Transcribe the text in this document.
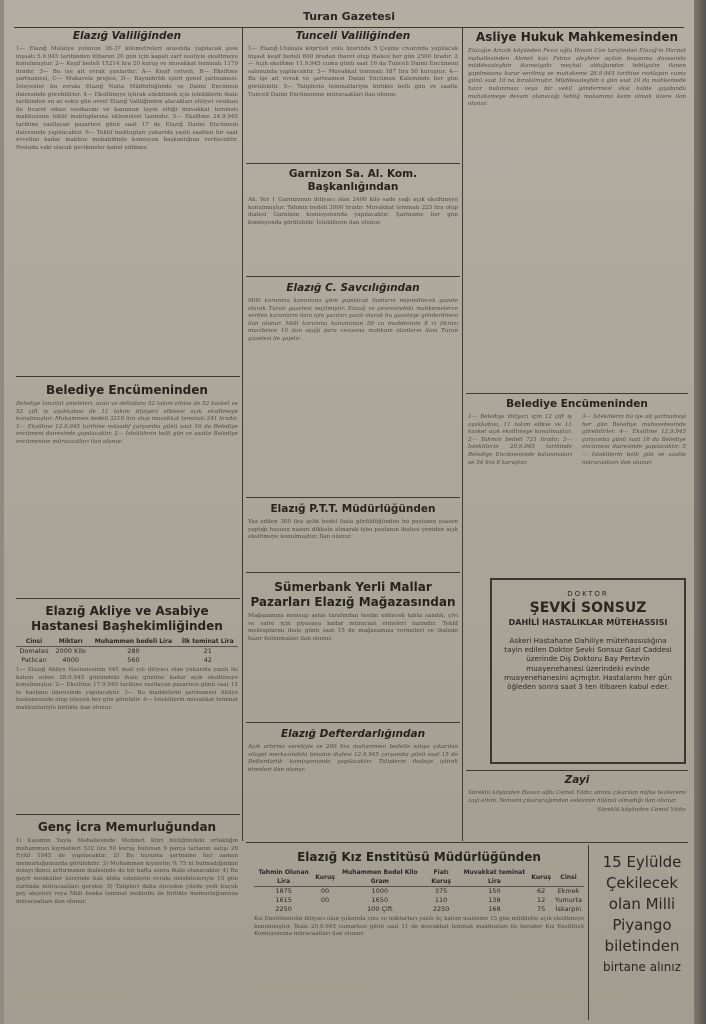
Turan Gazetesi
Elazığ Valiliğinden

1— Elazığ Malatya yolunun 36-37 kilometreleri arasında yapılacak şose inşaatı 5.9.945 tarihinden itibaren 20 gün için kapalı zarf usuliyle eksiltmeye konulmuştur. 2— Keşif bedeli 15214 lira 20 kuruş ve muvakkat teminatı 1179 liradır. 3— Bu işe ait evrak şunlardır: A— Keşif cetveli, B— Eksiltme şartnamesi, C— Mukavele projesi, D— Bayındırlık işleri genel şartnamesi. İsteyenler bu evrakı Elazığ Nafıa Müdürlüğünde ve Daimi Encümen dairesinde görebilirler. 4— Eksiltmeye iştirak edebilmek için isteklilerin ihale tarihinden en az sekiz gün evvel Elazığ Valiliğinden alacakları ehliyet vesikası ile ticaret odası vesikasını ve kanunun tayin ettiği muvakkat teminatı makbuzunu teklif mektuplarına eklemeleri lazımdır. 5— Eksiltme 24.9.945 tarihine rastlayan pazartesi günü saat 17 de Elazığ Daimi Encümeni dairesinde yapılacaktır. 6— Teklif mektupları yukarıda yazılı saatten bir saat evveline kadar makbuz mukabilinde komisyon başkanlığına verilecektir. Postada vaki olacak gecikmeler kabul edilmez.

Belediye Encümeninden

Belediye tanzifat ameleleri, ozan ve dellallara 52 takım elbise ile 52 kasket ve 52 çift iş ayakkabısı ile 11 takım itfaiyeci elbisesi açık eksiltmeye konulmuştur. Muhammen bedeli 3210 lira olup muvakkat teminatı 241 liradır. 1— Eksiltme 12.9.945 tarihine müsadif çarşamba günü saat 16 da Belediye encümeni dairesinde yapılacaktır. 2— İsteklilerin belli gün ve saatte Belediye encümenine müracaatları ilan olunur.

Elazığ Akliye ve Asabiye Hastanesi Başhekimliğinden
Cinsi	Miktarı	Muhammen bedeli Lira	İlk teminat Lira
Domates	2000 Kilo	280	21
Patlıcan	4000	560	42

1— Elazığ Akliye Hastanesinin 945 mali yılı ihtiyacı olan yukarıda yazılı iki kalem sebze 28.9.945 günündeki ihale gününe kadar açık eksiltmeye konulmuştur. 2— Eksiltme 17.9.945 tarihine rastlayan pazartesi günü saat 15 te hastane idaresinde yapılacaktır. 3— Bu maddelerin şartnamesi Akliye hastanesinde olup isteyen her gün görebilir. 4— İsteklilerin muvakkat teminat makbuzlariyle birlikte ilan olunur.

Genç İcra Memurluğundan

1) Kasımın Yayla Mahallesinde Mehmet Kürt bölüğündeki ortaklığın muhammen kıymetleri 532 lira 50 kuruş bulunan 9 parça tarlanın satışı 29 Eylül 1945 de yapılacaktır. 2) Bu hususta şartname her zaman memurluğumuzda görülebilir. 3) Muhammen kıymetin % 75 ni bulmadığından dolayı ikinci arttırmanın ihalesinde de bir hafta sonra ihale olunacaktır. 4) Bu gayri menkuller üzerinde hak iddia edenlerin evrakı müsbiteleriyle 15 gün zarfında müracaatları gerekir. 5) Talipleri daha önceden yüzde yedi buçuk pey akçeleri veya Milli banka teminat mektubu ile birlikte memurluğumuza müracaatları ilan olunur.

Tunceli Valiliğinden

1— Elazığ-Ulukışla köprüsü yolu üzerinde 5 Çeşme civarında yapılacak inşaat keşif bedeli 600 liradan ibaret olup ihalesi her gün 2500 liradır. 2— Açık eksiltme 11.9.945 cuma günü saat 16 da Tunceli Daimi Encümeni salonunda yapılacaktır. 3— Muvakkat teminatı 187 lira 50 kuruştur. 4— Bu işe ait evrak ve şartnamesi Daimi Encümen Kaleminde her gün görülebilir. 5— Taliplerin teminatlariyle birlikte belli gün ve saatte Tunceli Daimi Encümenine müracaatları ilan olunur.

Garnizon Sa. Al. Kom. Başkanlığından

Ak. Yer 1 Garnizonun ihtiyacı olan 2400 kilo sade yağı açık eksiltmeye konulmuştur. Tahmin bedeli 3000 liradır. Muvakkat teminatı 225 lira olup ihalesi Garnizon komisyonunda yapılacaktır. Şartname her gün komisyonda görülebilir. İsteklilerin ilan olunur.

Elazığ C. Savcılığından

Milli korunma kanununa göre yapılacak ilanların neşredilecek gazete olarak Turan gazetesi seçilmiştir. Elazığ ve çevresindeki mahkemelerce verilen kararların ilanı için yazıları yazılı olarak bu gazeteye gönderilmesi ilan olunur. Milli korunma kanununun 59 cu maddesinin 8 ci fıkrası mucibince 10 dan aşağı para cezasına mahkum olanların ilanı Turan gazetesi ile yapılır.

Elazığ P.T.T. Müdürlüğünden

Vaz edilen 300 lira aylık bedel fazla görüldüğünden bu postanın esasen yaptığı hususu nazarı dikkate alınarak işbu postanın ihalesi yeniden açık eksiltmeye konulmuştur. İlan olunur.

Sümerbank Yerli Mallar Pazarları Elazığ Mağazasından

Mağazamıza mensup şahıs tarafından teslim edilecek tahta sandık, çivi ve saire için piyasaya kadar müracaat etmeleri lazımdır. Teklif mektuplarını ihale günü saat 15 de mağazamıza vermeleri ve ihalede hazır bulunmaları ilan olunur.

Elazığ Defterdarlığından

Açık artırma suretiyle ve 200 lira muhammen bedelle satışa çıkarılan vilayet merkezindeki binanın ihalesi 12.9.945 çarşamba günü saat 15 de Defterdarlık komisyonunda yapılacaktır. Taliplerin ihaleye iştirak etmeleri ilan olunur.

Asliye Hukuk Mahkemesinden

Elazığın Aruzik köyünden Fevzi oğlu Hasan Can tarafından Elazığ'ın Harput mahallesinden Ahmet kızı Fatma aleyhine açılan boşanma davasında müddeaaleyhin ikametgahı meçhul olduğundan tebligatın ilanen yapılmasına karar verilmiş ve muhakeme 28.9.945 tarihine rastlayan cuma günü saat 10 na bırakılmıştır. Müddeaaleyhin o gün saat 10 da mahkemede hazır bulunması veya bir vekil göndermesi aksi halde gıyabında muhakemeye devam olunacağı tebliğ makamına kaim olmak üzere ilan olunur.

Belediye Encümeninden

1— Belediye ihtiyacı için 12 çift iş ayakkabısı, 11 takım elbise ve 11 kasket açık eksiltmeye konulmuştur. 2— Tahmin bedeli 721 liradır. 3— İsteklilerin 29.9.945 tarihinde Belediye Encümeninde bulunmaları ve 54 lira 8 kuruştur.

3— İsteklilerin bu işe ait şartnameyi her gün Belediye muhasebesinde görebilirler. 4— Eksiltme 12.9.945 çarşamba günü saat 16 da Belediye encümeni dairesinde yapılacaktır. 5— İsteklilerin belli gün ve saatte müracaatları ilan olunur.

DOKTOR
ŞEVKİ SONSUZ
DAHİLİ HASTALIKLAR MÜTEHASSISI
Askeri Hastahane Dahiliye mütehassıslığına tayin edilen Doktor Şevki Sonsuz Gazi Caddesi üzerinde Diş Doktoru Bay Pertevin muayenehanesi üzerindeki evinde muayenehanesini açmıştır. Hastalarını her gün öğleden sonra saat 3 ten itibaren kabul eder.
Zayi

Süreklü köyünden Hasan oğlu Cemal Yıldız adıma çıkarılan nüfus tezkeremi zayi ettim. Yenisini çıkaracağımdan eskisinin hükmü olmadığı ilan olunur.

Süreklü köyünden Cemal Yıldız
Elazığ Kız Enstitüsü Müdürlüğünden
Tahmin Olunan Lira	Kuruş	Muhammen Bedel Kilo Gram	Fiatı Kuruş	Muvakkat teminat Lira	Kuruş	Cinsi
1875	00	1000	375	150	62	Ekmek
1615	00	1650	110	138	12	Yumurta
2250		100 Çift	2250	168	75	İskarpin

Kız Enstitüsünün ihtiyacı olan yukarıda cins ve miktarları yazılı üç kalem malzeme 15 gün müddetle açık eksiltmeye konulmuştur. İhale 29.9.945 cumartesi günü saat 11 de muvakkat teminat makbuzları ile beraber Kız Enstitüsü Komisyonuna müracaatları ilan olunur.

15 Eylülde
Çekilecek
olan Milli
Piyango
biletinden
birtane alınız
